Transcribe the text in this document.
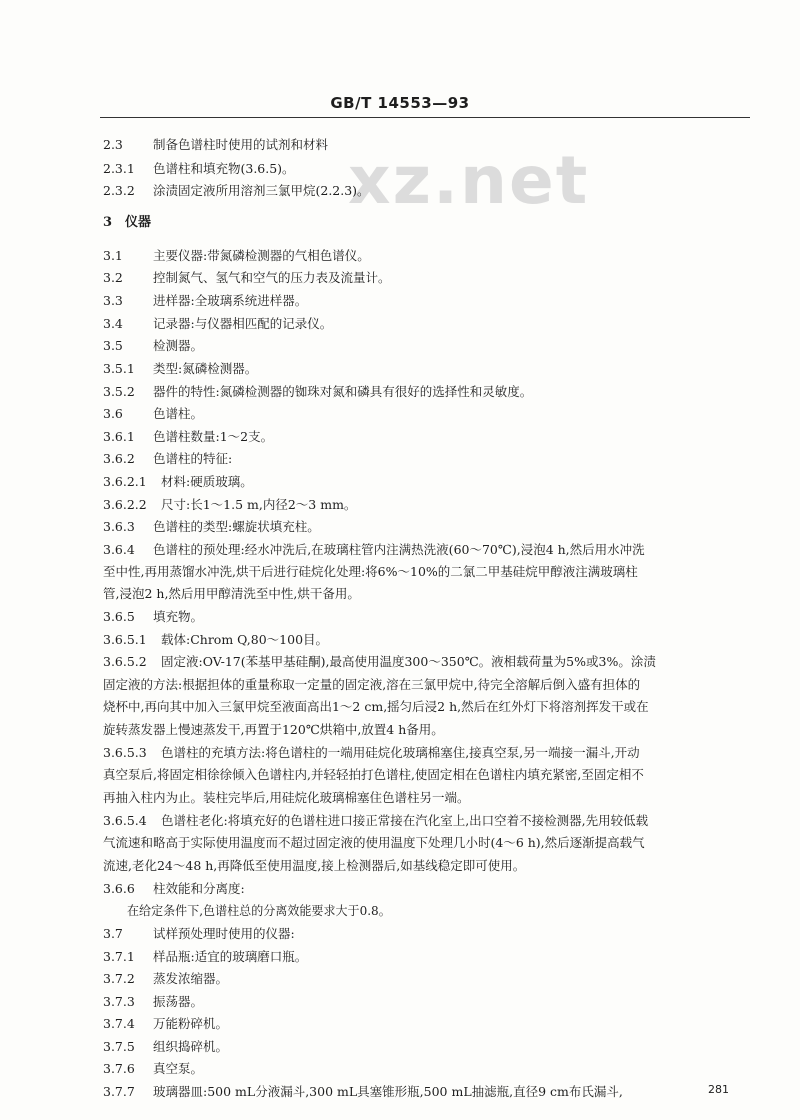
GB/T 14553—93
xz.net
2.3 制备色谱柱时使用的试剂和材料
2.3.1 色谱柱和填充物(3.6.5)。
2.3.2 涂渍固定液所用溶剂三氯甲烷(2.2.3)。
3 仪器
3.1 主要仪器:带氮磷检测器的气相色谱仪。
3.2 控制氮气、氢气和空气的压力表及流量计。
3.3 进样器:全玻璃系统进样器。
3.4 记录器:与仪器相匹配的记录仪。
3.5 检测器。
3.5.1 类型:氮磷检测器。
3.5.2 器件的特性:氮磷检测器的铷珠对氮和磷具有很好的选择性和灵敏度。
3.6 色谱柱。
3.6.1 色谱柱数量:1～2支。
3.6.2 色谱柱的特征:
3.6.2.1 材料:硬质玻璃。
3.6.2.2 尺寸:长1～1.5 m,内径2～3 mm。
3.6.3 色谱柱的类型:螺旋状填充柱。
3.6.4 色谱柱的预处理:经水冲洗后,在玻璃柱管内注满热洗液(60～70℃),浸泡4 h,然后用水冲洗
至中性,再用蒸馏水冲洗,烘干后进行硅烷化处理:将6%～10%的二氯二甲基硅烷甲醇液注满玻璃柱
管,浸泡2 h,然后用甲醇清洗至中性,烘干备用。
3.6.5 填充物。
3.6.5.1 载体:Chrom Q,80～100目。
3.6.5.2 固定液:OV-17(苯基甲基硅酮),最高使用温度300～350℃。液相载荷量为5%或3%。涂渍
固定液的方法:根据担体的重量称取一定量的固定液,溶在三氯甲烷中,待完全溶解后倒入盛有担体的
烧杯中,再向其中加入三氯甲烷至液面高出1～2 cm,摇匀后浸2 h,然后在红外灯下将溶剂挥发干或在
旋转蒸发器上慢速蒸发干,再置于120℃烘箱中,放置4 h备用。
3.6.5.3 色谱柱的充填方法:将色谱柱的一端用硅烷化玻璃棉塞住,接真空泵,另一端接一漏斗,开动
真空泵后,将固定相徐徐倾入色谱柱内,并轻轻拍打色谱柱,使固定相在色谱柱内填充紧密,至固定相不
再抽入柱内为止。装柱完毕后,用硅烷化玻璃棉塞住色谱柱另一端。
3.6.5.4 色谱柱老化:将填充好的色谱柱进口接正常接在汽化室上,出口空着不接检测器,先用较低载
气流速和略高于实际使用温度而不超过固定液的使用温度下处理几小时(4～6 h),然后逐渐提高载气
流速,老化24～48 h,再降低至使用温度,接上检测器后,如基线稳定即可使用。
3.6.6 柱效能和分离度:
在给定条件下,色谱柱总的分离效能要求大于0.8。
3.7 试样预处理时使用的仪器:
3.7.1 样品瓶:适宜的玻璃磨口瓶。
3.7.2 蒸发浓缩器。
3.7.3 振荡器。
3.7.4 万能粉碎机。
3.7.5 组织捣碎机。
3.7.6 真空泵。
3.7.7 玻璃器皿:500 mL分液漏斗,300 mL具塞锥形瓶,500 mL抽滤瓶,直径9 cm布氏漏斗,	281
